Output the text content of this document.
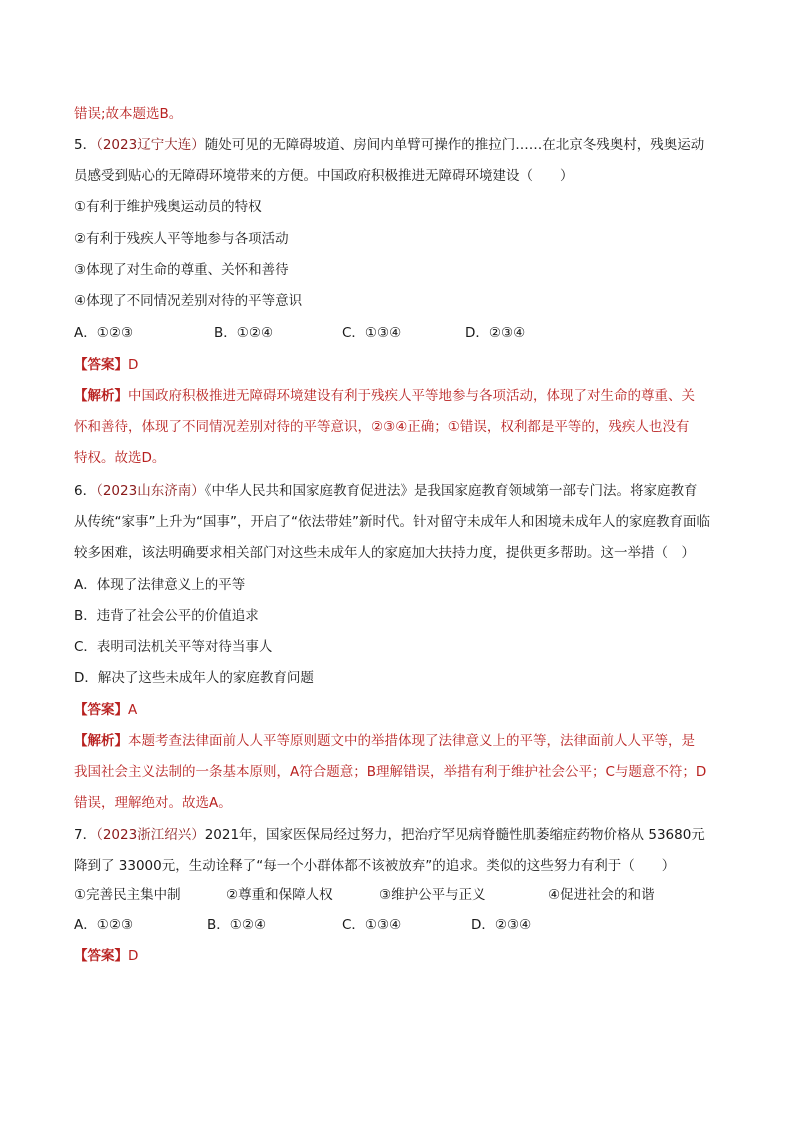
错误;故本题选B。
5．（2023辽宁大连）随处可见的无障碍坡道、房间内单臂可操作的推拉门……在北京冬残奥村，残奥运动
员感受到贴心的无障碍环境带来的方便。中国政府积极推进无障碍环境建设（　　）
①有利于维护残奥运动员的特权
②有利于残疾人平等地参与各项活动
③体现了对生命的尊重、关怀和善待
④体现了不同情况差别对待的平等意识
A．①②③	B．①②④	C．①③④	D．②③④
【答案】D
【解析】中国政府积极推进无障碍环境建设有利于残疾人平等地参与各项活动，体现了对生命的尊重、关
怀和善待，体现了不同情况差别对待的平等意识，②③④正确；①错误，权利都是平等的，残疾人也没有
特权。故选D。
6．（2023山东济南）《中华人民共和国家庭教育促进法》是我国家庭教育领域第一部专门法。将家庭教育
从传统“家事”上升为“国事”，开启了“依法带娃”新时代。针对留守未成年人和困境未成年人的家庭教育面临
较多困难，该法明确要求相关部门对这些未成年人的家庭加大扶持力度，提供更多帮助。这一举措（　）
A．体现了法律意义上的平等
B．违背了社会公平的价值追求
C．表明司法机关平等对待当事人
D．解决了这些未成年人的家庭教育问题
【答案】A
【解析】本题考查法律面前人人平等原则题文中的举措体现了法律意义上的平等，法律面前人人平等，是
我国社会主义法制的一条基本原则，A符合题意；B理解错误，举措有利于维护社会公平；C与题意不符；D
错误，理解绝对。故选A。
7．（2023浙江绍兴）2021年，国家医保局经过努力，把治疗罕见病脊髓性肌萎缩症药物价格从 53680元
降到了 33000元，生动诠释了“每一个小群体都不该被放弃”的追求。类似的这些努力有利于（　　）
①完善民主集中制	②尊重和保障人权	③维护公平与正义	④促进社会的和谐
A．①②③	B．①②④	C．①③④	D．②③④
【答案】D
